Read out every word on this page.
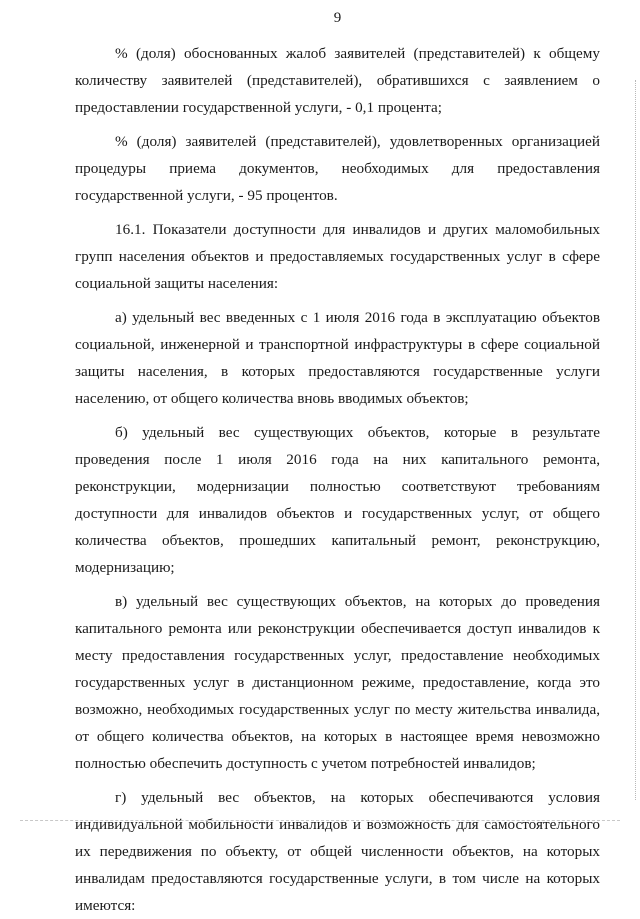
9

% (доля) обоснованных жалоб заявителей (представителей) к общему количеству заявителей (представителей), обратившихся с заявлением о предоставлении государственной услуги, - 0,1 процента;

% (доля) заявителей (представителей), удовлетворенных организацией процедуры приема документов, необходимых для предоставления государственной услуги, - 95 процентов.

16.1. Показатели доступности для инвалидов и других маломобильных групп населения объектов и предоставляемых государственных услуг в сфере социальной защиты населения:

а) удельный вес введенных с 1 июля 2016 года в эксплуатацию объектов социальной, инженерной и транспортной инфраструктуры в сфере социальной защиты населения, в которых предоставляются государственные услуги населению, от общего количества вновь вводимых объектов;

б) удельный вес существующих объектов, которые в результате проведения после 1 июля 2016 года на них капитального ремонта, реконструкции, модернизации полностью соответствуют требованиям доступности для инвалидов объектов и государственных услуг, от общего количества объектов, прошедших капитальный ремонт, реконструкцию, модернизацию;

в) удельный вес существующих объектов, на которых до проведения капитального ремонта или реконструкции обеспечивается доступ инвалидов к месту предоставления государственных услуг, предоставление необходимых государственных услуг в дистанционном режиме, предоставление, когда это возможно, необходимых государственных услуг по месту жительства инвалида, от общего количества объектов, на которых в настоящее время невозможно полностью обеспечить доступность с учетом потребностей инвалидов;

г) удельный вес объектов, на которых обеспечиваются условия индивидуальной мобильности инвалидов и возможность для самостоятельного их передвижения по объекту, от общей численности объектов, на которых инвалидам предоставляются государственные услуги, в том числе на которых имеются:
